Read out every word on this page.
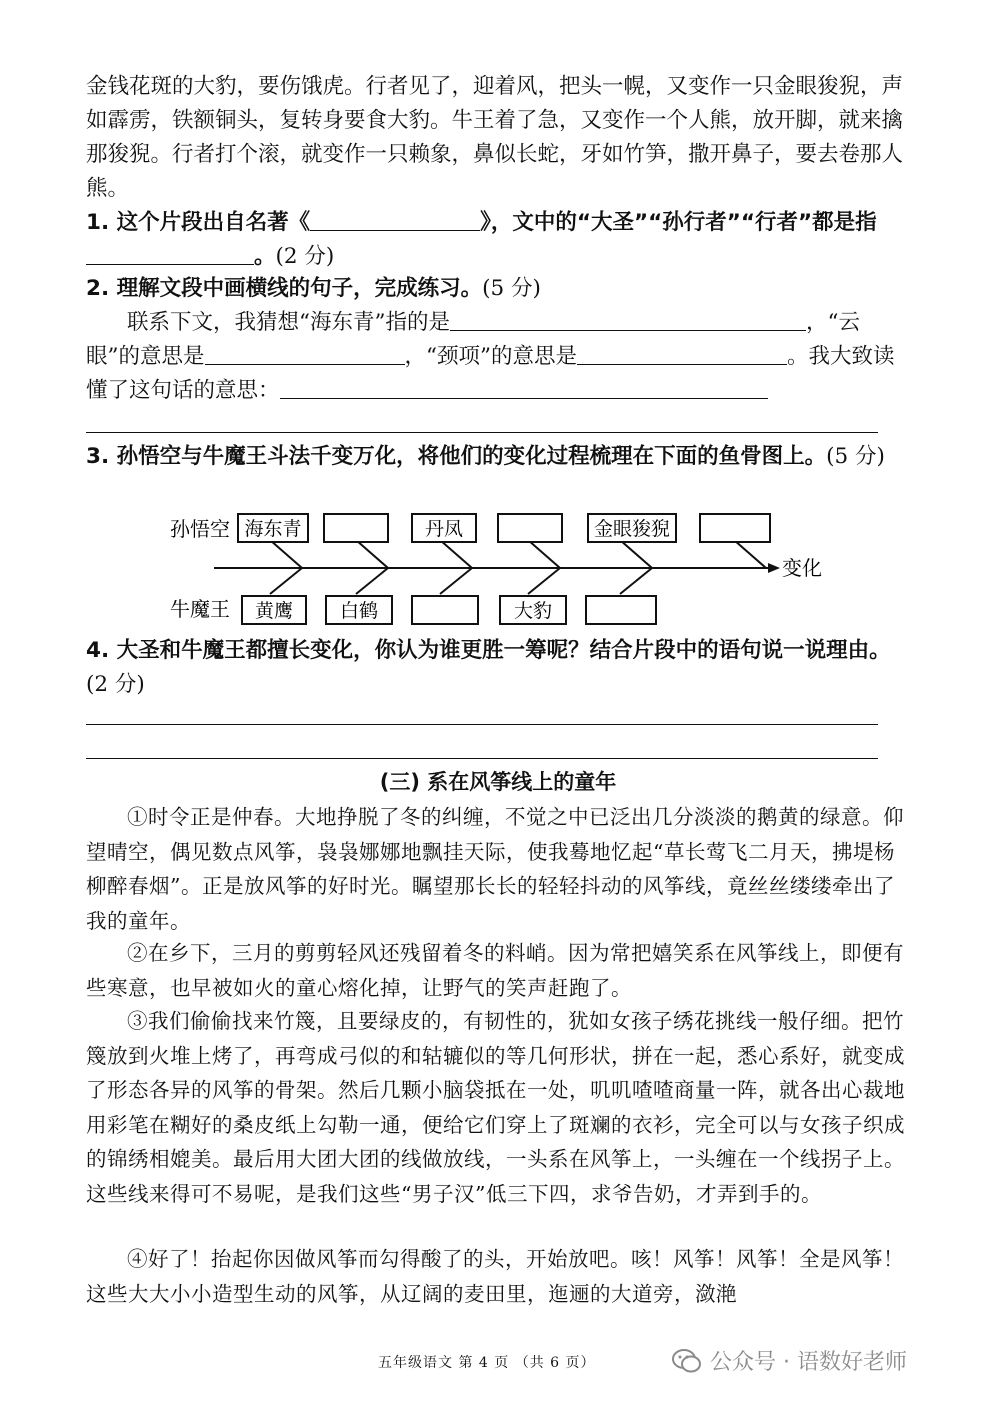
金钱花斑的大豹，要伤饿虎。行者见了，迎着风，把头一幌，又变作一只金眼狻猊，声如霹雳，铁额铜头，复转身要食大豹。牛王着了急，又变作一个人熊，放开脚，就来擒那狻猊。行者打个滚，就变作一只赖象，鼻似长蛇，牙如竹笋，撒开鼻子，要去卷那人熊。
1. 这个片段出自名著《	》，文中的“大圣”“孙行者”“行者”都是指。(2 分)
2. 理解文段中画横线的句子，完成练习。(5 分)
联系下文，我猜想“海东青”指的是	，“云眼”的意思是	，“颈项”的意思是	。我大致读懂了这句话的意思：
3. 孙悟空与牛魔王斗法千变万化，将他们的变化过程梳理在下面的鱼骨图上。(5 分)
孙悟空
牛魔王
变化
海东青	丹凤	金眼狻猊
黄鹰 白鹤	大豹
4. 大圣和牛魔王都擅长变化，你认为谁更胜一筹呢？结合片段中的语句说一说理由。(2 分)
(三) 系在风筝线上的童年
①时令正是仲春。大地挣脱了冬的纠缠，不觉之中已泛出几分淡淡的鹅黄的绿意。仰望晴空，偶见数点风筝，袅袅娜娜地飘挂天际，使我蓦地忆起“草长莺飞二月天，拂堤杨柳醉春烟”。正是放风筝的好时光。瞩望那长长的轻轻抖动的风筝线，竟丝丝缕缕牵出了我的童年。
②在乡下，三月的剪剪轻风还残留着冬的料峭。因为常把嬉笑系在风筝线上，即便有些寒意，也早被如火的童心熔化掉，让野气的笑声赶跑了。
③我们偷偷找来竹篾，且要绿皮的，有韧性的，犹如女孩子绣花挑线一般仔细。把竹篾放到火堆上烤了，再弯成弓似的和轱辘似的等几何形状，拼在一起，悉心系好，就变成了形态各异的风筝的骨架。然后几颗小脑袋抵在一处，叽叽喳喳商量一阵，就各出心裁地用彩笔在糊好的桑皮纸上勾勒一通，便给它们穿上了斑斓的衣衫，完全可以与女孩子织成的锦绣相媲美。最后用大团大团的线做放线，一头系在风筝上，一头缠在一个线拐子上。这些线来得可不易呢，是我们这些“男子汉”低三下四，求爷告奶，才弄到手的。
④好了！抬起你因做风筝而勾得酸了的头，开始放吧。咳！风筝！风筝！全是风筝！这些大大小小造型生动的风筝，从辽阔的麦田里，迤逦的大道旁，潋滟
五年级语文 第 4 页 （共 6 页）	公众号 · 语数好老师
